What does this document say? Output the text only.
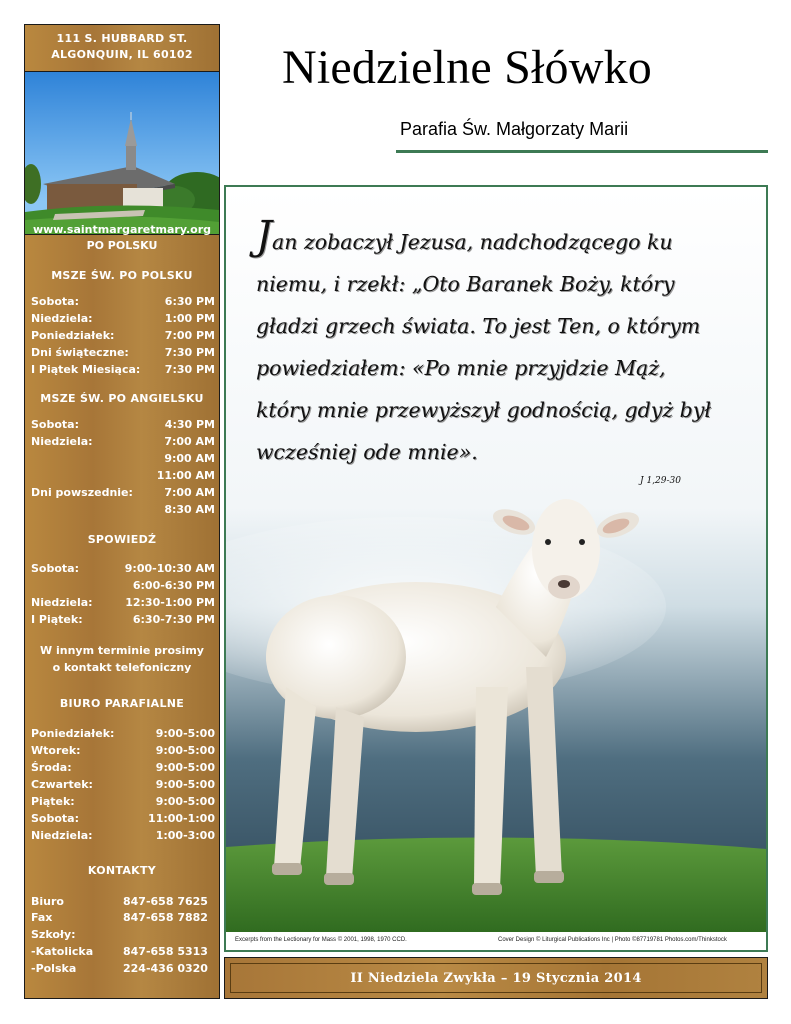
111 S. HUBBARD ST.
ALGONQUIN, IL 60102
www.saintmargaretmary.org
PO POLSKU
MSZE ŚW. PO POLSKU
Sobota:	6:30 PM
Niedziela:	1:00 PM
Poniedziałek:	7:00 PM
Dni świąteczne:	7:30 PM
I Piątek Miesiąca: 7:30 PM
MSZE ŚW. PO ANGIELSKU
Sobota:	4:30 PM
Niedziela:	7:00 AM
9:00 AM
11:00 AM
Dni powszednie:	7:00 AM
8:30 AM
SPOWIEDŹ
Sobota:	9:00-10:30 AM
6:00-6:30 PM
Niedziela:	12:30-1:00 PM
I Piątek:	6:30-7:30 PM
W innym terminie prosimy
o kontakt telefoniczny
BIURO PARAFIALNE
Poniedziałek:	9:00-5:00
Wtorek:	9:00-5:00
Środa:	9:00-5:00
Czwartek:	9:00-5:00
Piątek:	9:00-5:00
Sobota:	11:00-1:00
Niedziela:	1:00-3:00
KONTAKTY
Biuro	847-658 7625
Fax	847-658 7882
Szkoły:
-Katolicka	847-658 5313
-Polska	224-436 0320
Niedzielne Słówko
Parafia Św. Małgorzaty Marii
Jan zobaczył Jezusa, nadchodzącego ku
niemu, i rzekł: „Oto Baranek Boży, który
gładzi grzech świata. To jest Ten, o którym
powiedziałem: «Po mnie przyjdzie Mąż,
który mnie przewyższył godnością, gdyż był
wcześniej ode mnie».
J 1,29-30
Excerpts from the Lectionary for Mass © 2001, 1998, 1970 CCD.	Cover Design © Liturgical Publications Inc | Photo ©87719781 Photos.com/Thinkstock
II Niedziela Zwykła – 19 Stycznia 2014
